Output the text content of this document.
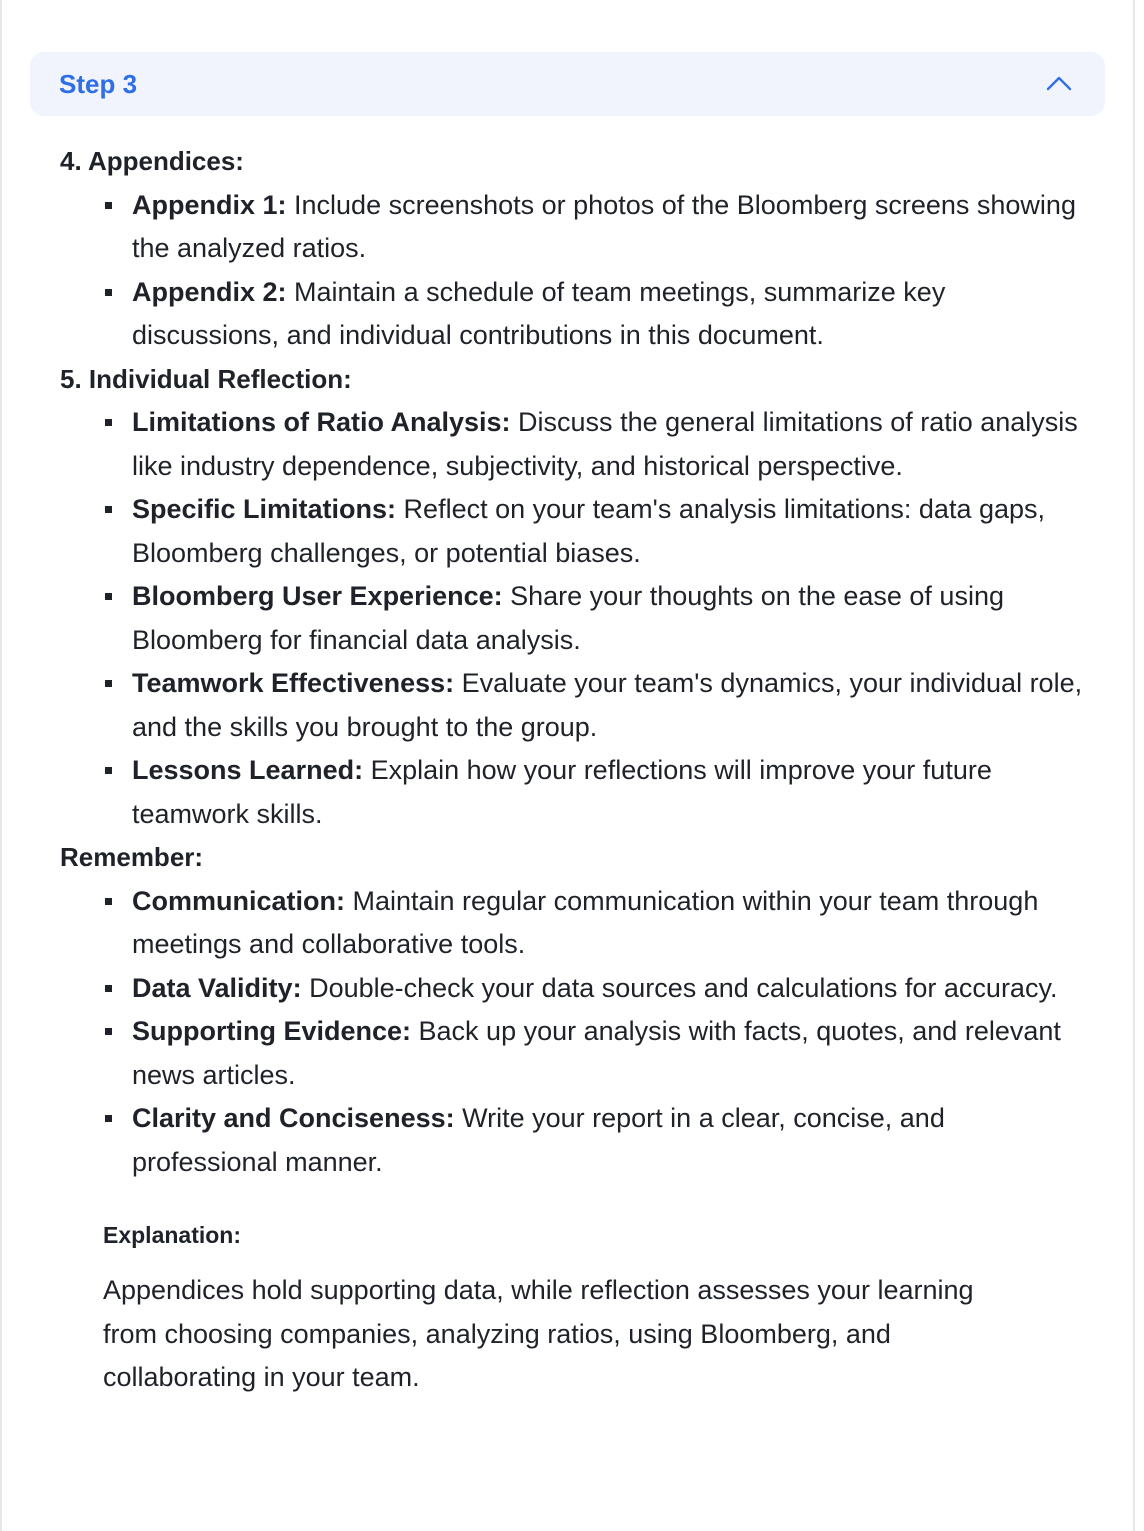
Step 3

4. Appendices:

Appendix 1: Include screenshots or photos of the Bloomberg screens showing the analyzed ratios.
Appendix 2: Maintain a schedule of team meetings, summarize key discussions, and individual contributions in this document.

5. Individual Reflection:

Limitations of Ratio Analysis: Discuss the general limitations of ratio analysis like industry dependence, subjectivity, and historical perspective.
Specific Limitations: Reflect on your team's analysis limitations: data gaps, Bloomberg challenges, or potential biases.
Bloomberg User Experience: Share your thoughts on the ease of using Bloomberg for financial data analysis.
Teamwork Effectiveness: Evaluate your team's dynamics, your individual role, and the skills you brought to the group.
Lessons Learned: Explain how your reflections will improve your future teamwork skills.

Remember:

Communication: Maintain regular communication within your team through meetings and collaborative tools.
Data Validity: Double-check your data sources and calculations for accuracy.
Supporting Evidence: Back up your analysis with facts, quotes, and relevant news articles.
Clarity and Conciseness: Write your report in a clear, concise, and professional manner.

Explanation:

Appendices hold supporting data, while reflection assesses your learning from choosing companies, analyzing ratios, using Bloomberg, and collaborating in your team.
